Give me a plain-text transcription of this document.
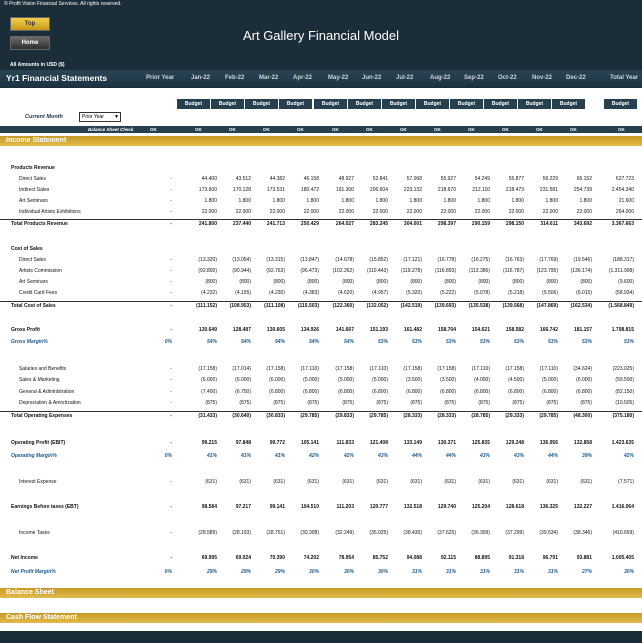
© Profit Vision Financial Services. All rights reserved.
Top
Home	Art Gallery Financial Model
All Amounts in USD ($)
Yr1 Financial Statements	Prior Year	Jan-22 Feb-22 Mar-22 Apr-22	May-22 Jun-22 Jul-22	Aug-22 Sep-22 Oct-22	Nov-22 Dec-22	Total Year
Budget	Budget	Budget	Budget	Budget	Budget	Budget	Budget	Budget	Budget	Budget	Budget	Budget
Current Month	Prior Year ▼
Balance Sheet Check	OK	OK	OK	OK	OK	OK	OK	OK	OK	OK	OK	OK	OK	OK
Income Statement
Products Revenue
Direct Sales	-	44.400	43.512	44.382	46.158	48.927	52.841	57.068	55.927	54.249	55.877	59.229	65.152	627.723
Indirect Sales	-	173.600	170.128	173.531	180.472	191.300	206.604	223.132	218.670	212.110	218.473	231.581	254.739	2.454.340
Art Seminars	-	1.800	1.800	1.800	1.800	1.800	1.800	1.800	1.800	1.800	1.800	1.800	1.800	21.600
Individual Artists Exhibitions	-	22.000	22.000	22.000	22.000	22.000	22.000	22.000	22.000	22.000	22.000	22.000	22.000	264.000
Total Products Revenue	-	241.800	237.440	241.713	250.429	264.027	283.245	304.001	298.397	290.159	298.150	314.611	343.692	3.367.663
Cost of Sales
Direct Sales	-	(13.320)	(13.054)	(13.315)	(13.847)	(14.678)	(15.852)	(17.121)	(16.778)	(16.275)	(16.763)	(17.769)	(19.546)	(188.317)
Artists Commission	-	(92.800)	(90.944)	(92.763)	(96.473)	(102.262)	(110.443)	(119.278)	(116.893)	(113.386)	(116.787)	(123.795)	(136.174)	(1.311.998)
Art Seminars	-	(800)	(800)	(800)	(800)	(800)	(800)	(800)	(800)	(800)	(800)	(800)	(800)	(9.600)
Credit Card Fees	-	(4.232)	(4.155)	(4.230)	(4.383)	(4.620)	(4.957)	(5.320)	(5.222)	(5.078)	(5.218)	(5.506)	(6.015)	(58.934)
Total Cost of Sales	-	(111.152)	(108.953)	(111.108)	(115.503)	(122.360)	(132.052)	(142.519)	(139.693)	(135.538)	(139.568)	(147.869)	(162.534)	(1.568.849)
Gross Profit	-	130.649	128.487	130.605	134.926	141.667	151.193	161.482	158.704	154.621	158.582	166.742	181.157	1.798.815
Gross Margin%	0%	54%	54%	54%	54%	54%	53%	53%	53%	53%	53%	53%	53%	53%
Salaries and Benefits	-	(17.158)	(17.014)	(17.158)	(17.110)	(17.158)	(17.110)	(17.158)	(17.158)	(17.110)	(17.158)	(17.110)	(34.624)	(223.025)
Sales & Marketing	-	(6.000)	(6.000)	(6.000)	(5.000)	(5.000)	(5.000)	(3.500)	(3.500)	(4.000)	(4.500)	(5.000)	(6.000)	(59.500)
General & Administration	-	(7.400)	(6.750)	(6.800)	(6.800)	(6.800)	(6.800)	(6.800)	(6.800)	(6.800)	(6.800)	(6.800)	(6.800)	(82.150)
Depreciation & Amortization	-	(875)	(875)	(875)	(875)	(875)	(875)	(875)	(875)	(875)	(875)	(875)	(875)	(10.505)
Total Operating Expenses	-	(31.433)	(30.640)	(30.833)	(29.785)	(29.833)	(29.785)	(28.333)	(28.333)	(28.785)	(29.333)	(29.785)	(48.300)	(375.180)
Operating Profit (EBIT)	-	99.215	97.848	99.772	105.141	111.833	121.408	133.149	130.371	125.835	129.248	136.956	132.858	1.423.635
Operating Margin%	0%	41%	41%	41%	42%	42%	43%	44%	44%	43%	43%	44%	39%	42%
Interest Expense	-	(631)	(631)	(631)	(631)	(631)	(631)	(631)	(631)	(631)	(631)	(631)	(631)	(7.571)
Earnings Before taxes (EBT)	-	98.584	97.217	99.141	104.510	111.203	120.777	132.518	129.740	125.204	128.618	136.325	132.227	1.416.064
Income Taxes	-	(28.589)	(28.193)	(28.751)	(30.308)	(32.249)	(35.025)	(38.430)	(37.625)	(36.309)	(37.299)	(39.534)	(38.346)	(410.659)
Net Income	-	69.995	69.024	70.390	74.202	78.954	85.752	94.088	92.115	88.895	91.318	96.791	93.881	1.005.405
Net Profit Margin%	0%	29%	29%	29%	30%	30%	30%	31%	31%	31%	31%	31%	27%	30%
Balance Sheet
Cash Flow Statement
